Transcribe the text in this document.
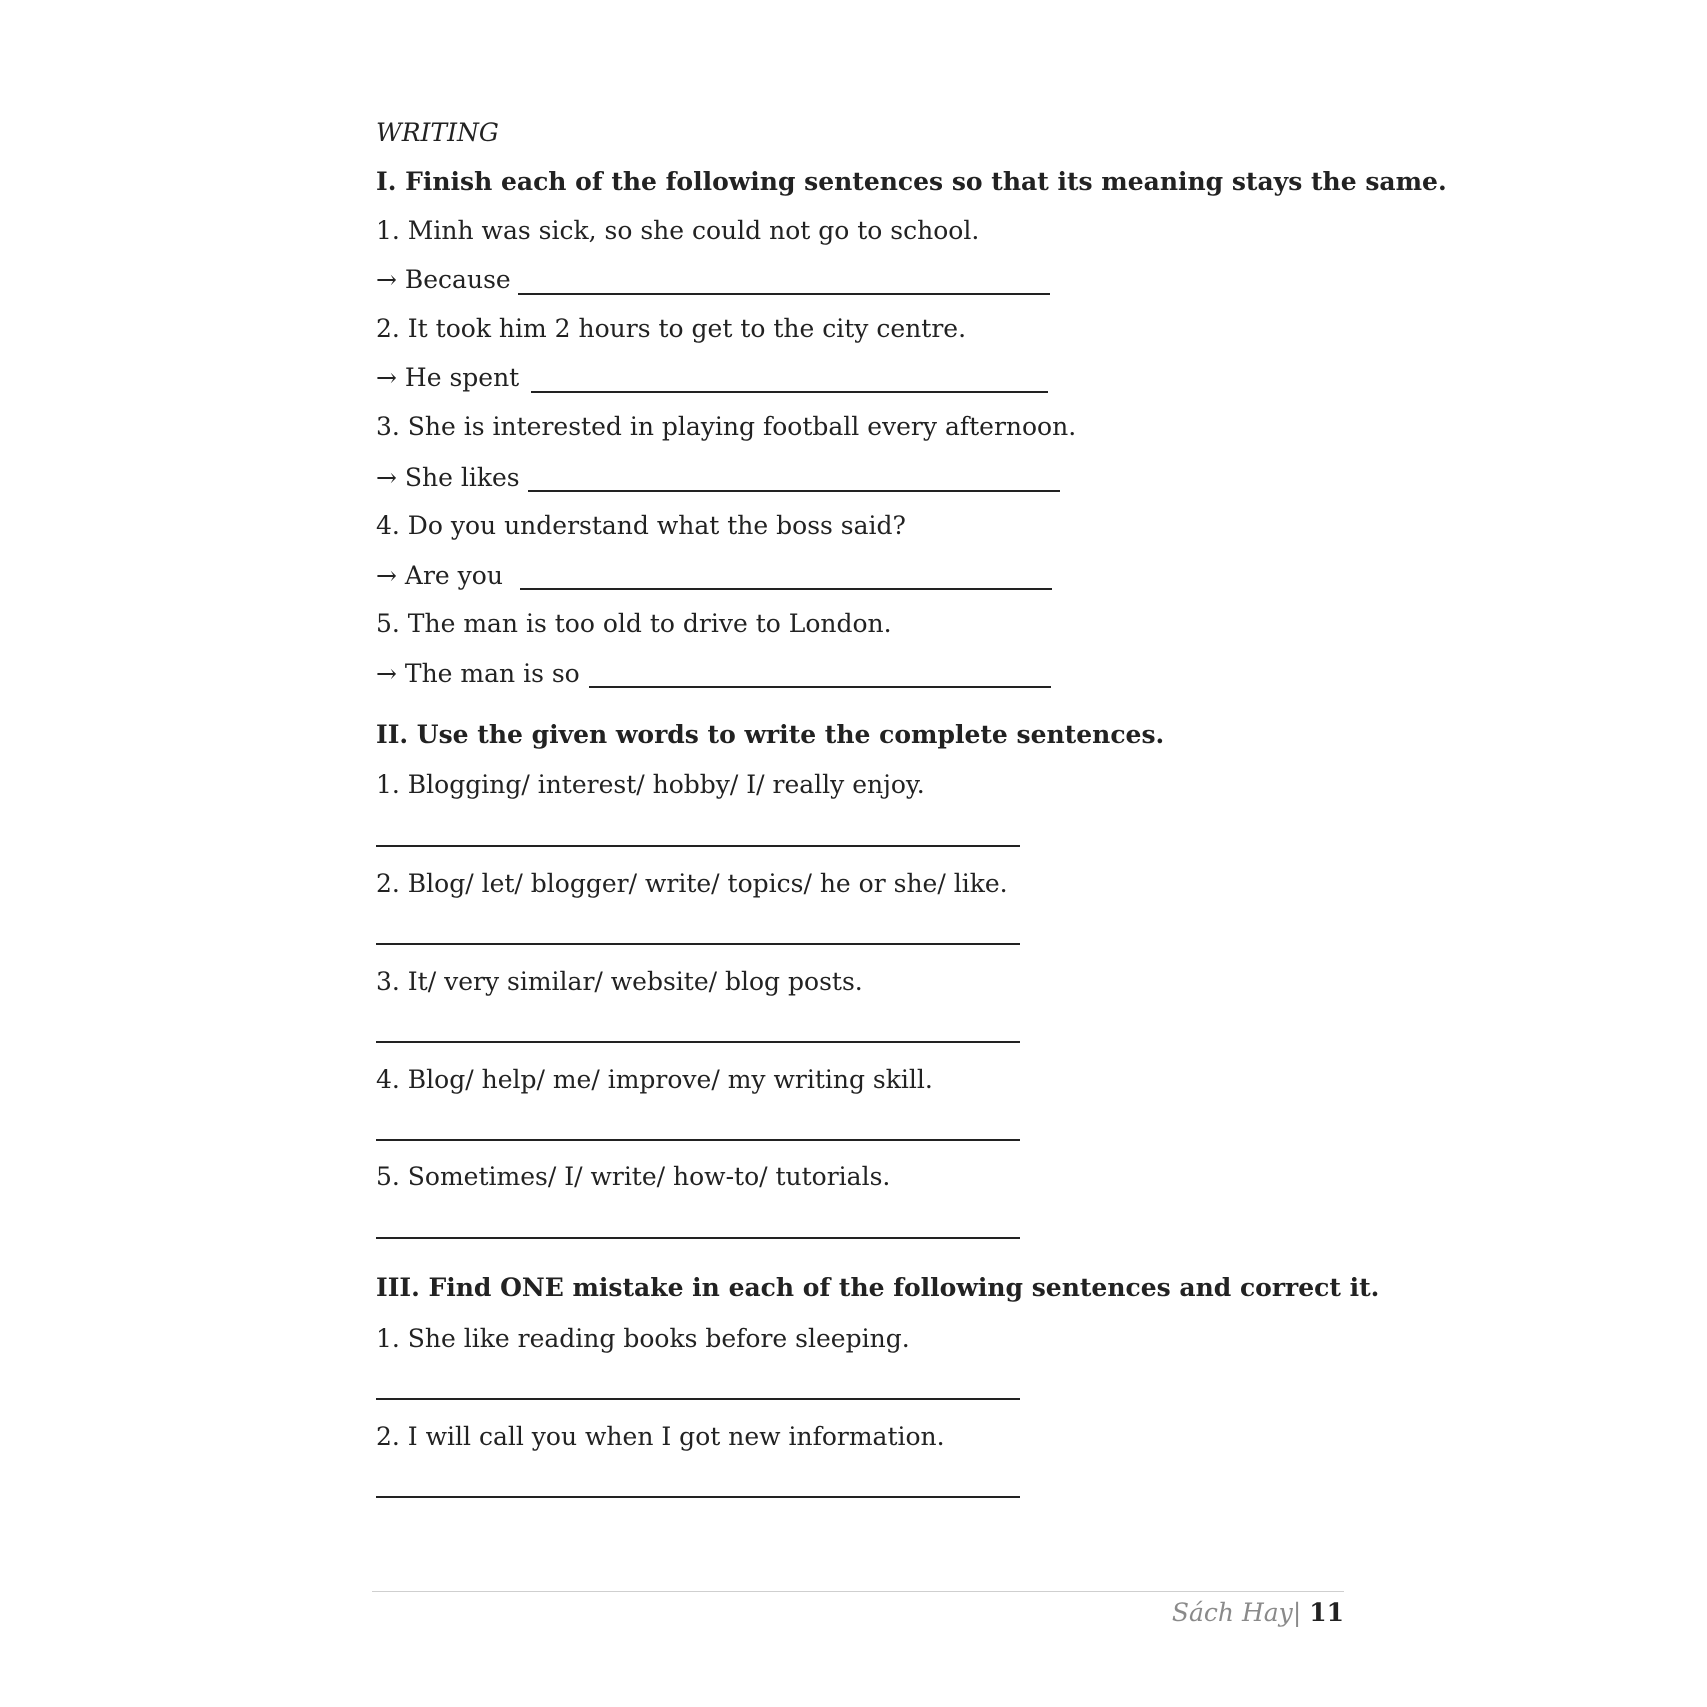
WRITING
I. Finish each of the following sentences so that its meaning stays the same.
1. Minh was sick, so she could not go to school.
→ Because
2. It took him 2 hours to get to the city centre.
→ He spent
3. She is interested in playing football every afternoon.
→ She likes
4. Do you understand what the boss said?
→ Are you
5. The man is too old to drive to London.
→ The man is so
II. Use the given words to write the complete sentences.
1. Blogging/ interest/ hobby/ I/ really enjoy.
2. Blog/ let/ blogger/ write/ topics/ he or she/ like.
3. It/ very similar/ website/ blog posts.
4. Blog/ help/ me/ improve/ my writing skill.
5. Sometimes/ I/ write/ how-to/ tutorials.
III. Find ONE mistake in each of the following sentences and correct it.
1. She like reading books before sleeping.
2. I will call you when I got new information.
Sách Hay| 11
